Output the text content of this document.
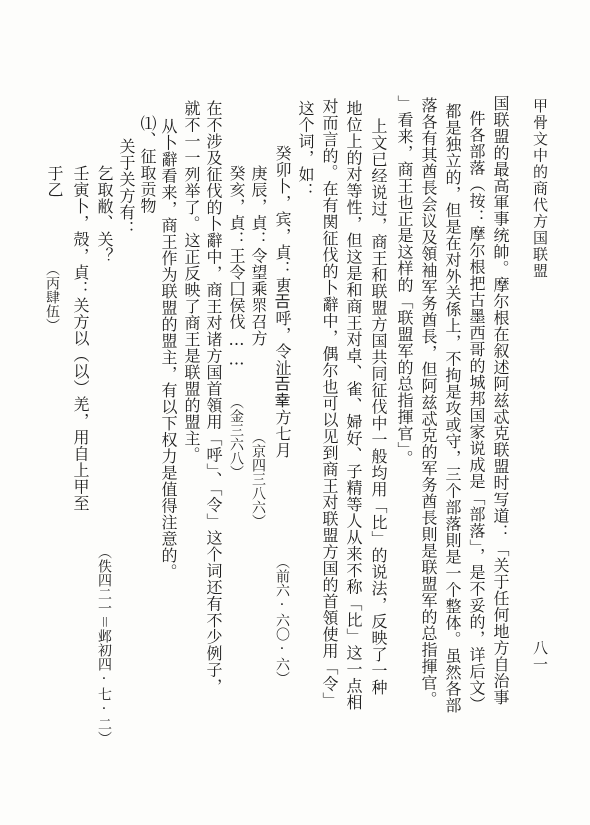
甲骨文中的商代方国联盟
八一
国联盟的最高軍事统帥。摩尔根在叙述阿兹忒克联盟时写道：「关于任何地方自治事
件各部落（按：摩尔根把古墨西哥的城邦国家说成是「部落」，是不妥的，详后文）
都是独立的，但是在对外关係上，不拘是攻或守，三个部落則是一个整体。虽然各部
落各有其酋長会议及領袖军务酋長，但阿兹忒克的军务酋長則是联盟军的总指揮官。
」看来，商王也正是这样的「联盟军的总指揮官」。
上文已经说过，商王和联盟方国共同征伐中一般均用「比」的说法，反映了一种
地位上的对等性，但这是和商王对卓、雀、婦好、子精等人从来不称「比」这一点相
对而言的。在有関征伐的卜辭中，偶尔也可以见到商王对联盟方国的首領使用「令」
这个词，如：
癸卯卜，宾，貞：叀𢀛呼，令沚𢀛𦍒方七月
（前六·六〇·六）
庚辰，貞：令望乘眔召方
（京四三八六）
癸亥，貞：王令囗侯伐……
（金三六八）
在不涉及征伐的卜辭中，商王对诸方国首領用「呼」、「令」这个词还有不少例子，
就不一一列举了。这正反映了商王是联盟的盟主。
从卜辭看来，商王作为联盟的盟主，有以下权力是值得注意的。
⑴、征取贡物
关于关方有：
乞取敝、关？
（佚四二一＝邺初四·七·二）
壬寅卜，殻，貞：关方以（以）羌，用自上甲至
于乙
（丙肆伍）
